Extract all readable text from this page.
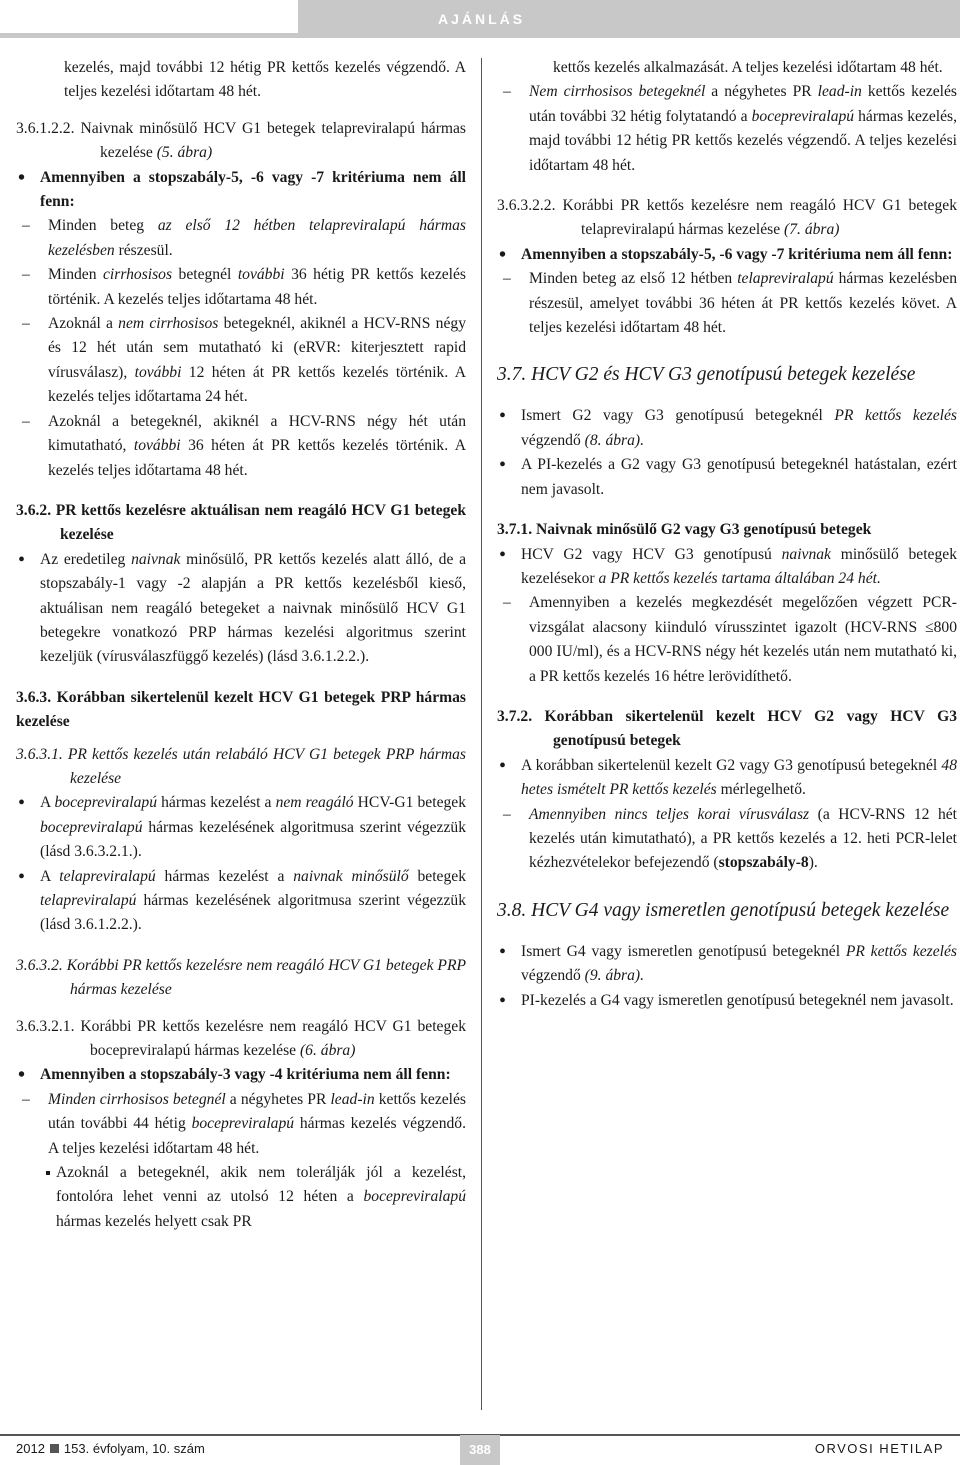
AJÁNLÁS

kezelés, majd további 12 hétig PR kettős kezelés végzendő. A teljes kezelési időtartam 48 hét.

3.6.1.2.2. Naivnak minősülő HCV G1 betegek telapreviralapú hármas kezelése (5. ábra)

• Amennyiben a stopszabály-5, -6 vagy -7 kritériuma nem áll fenn:

– Minden beteg az első 12 hétben telapreviralapú hármas kezelésben részesül.

– Minden cirrhosisos betegnél további 36 hétig PR kettős kezelés történik. A kezelés teljes időtartama 48 hét.

– Azoknál a nem cirrhosisos betegeknél, akiknél a HCV-RNS négy és 12 hét után sem mutatható ki (eRVR: kiterjesztett rapid vírusválasz), további 12 héten át PR kettős kezelés történik. A kezelés teljes időtartama 24 hét.

– Azoknál a betegeknél, akiknél a HCV-RNS négy hét után kimutatható, további 36 héten át PR kettős kezelés történik. A kezelés teljes időtartama 48 hét.

3.6.2. PR kettős kezelésre aktuálisan nem reagáló HCV G1 betegek kezelése

• Az eredetileg naivnak minősülő, PR kettős kezelés alatt álló, de a stopszabály-1 vagy -2 alapján a PR kettős kezelésből kieső, aktuálisan nem reagáló betegeket a naivnak minősülő HCV G1 betegekre vonatkozó PRP hármas kezelési algoritmus szerint kezeljük (vírusválaszfüggő kezelés) (lásd 3.6.1.2.2.).

3.6.3. Korábban sikertelenül kezelt HCV G1 betegek PRP hármas kezelése

3.6.3.1. PR kettős kezelés után relabáló HCV G1 betegek PRP hármas kezelése

• A bocepreviralapú hármas kezelést a nem reagáló HCV-G1 betegek bocepreviralapú hármas kezelésének algoritmusa szerint végezzük (lásd 3.6.3.2.1.).

• A telapreviralapú hármas kezelést a naivnak minősülő betegek telapreviralapú hármas kezelésének algoritmusa szerint végezzük (lásd 3.6.1.2.2.).

3.6.3.2. Korábbi PR kettős kezelésre nem reagáló HCV G1 betegek PRP hármas kezelése

3.6.3.2.1. Korábbi PR kettős kezelésre nem reagáló HCV G1 betegek bocepreviralapú hármas kezelése (6. ábra)

• Amennyiben a stopszabály-3 vagy -4 kritériuma nem áll fenn:

– Minden cirrhosisos betegnél a négyhetes PR lead-in kettős kezelés után további 44 hétig bocepreviralapú hármas kezelés végzendő. A teljes kezelési időtartam 48 hét.

Azoknál a betegeknél, akik nem tolerálják jól a kezelést, fontolóra lehet venni az utolsó 12 héten a bocepreviralapú hármas kezelés helyett csak PR

kettős kezelés alkalmazását. A teljes kezelési időtartam 48 hét.

– Nem cirrhosisos betegeknél a négyhetes PR lead-in kettős kezelés után további 32 hétig folytatandó a bocepreviralapú hármas kezelés, majd további 12 hétig PR kettős kezelés végzendő. A teljes kezelési időtartam 48 hét.

3.6.3.2.2. Korábbi PR kettős kezelésre nem reagáló HCV G1 betegek telapreviralapú hármas kezelése (7. ábra)

• Amennyiben a stopszabály-5, -6 vagy -7 kritériuma nem áll fenn:

– Minden beteg az első 12 hétben telapreviralapú hármas kezelésben részesül, amelyet további 36 héten át PR kettős kezelés követ. A teljes kezelési időtartam 48 hét.

3.7. HCV G2 és HCV G3 genotípusú betegek kezelése

• Ismert G2 vagy G3 genotípusú betegeknél PR kettős kezelés végzendő (8. ábra).

• A PI-kezelés a G2 vagy G3 genotípusú betegeknél hatástalan, ezért nem javasolt.

3.7.1. Naivnak minősülő G2 vagy G3 genotípusú betegek

• HCV G2 vagy HCV G3 genotípusú naivnak minősülő betegek kezelésekor a PR kettős kezelés tartama általában 24 hét.

– Amennyiben a kezelés megkezdését megelőzően végzett PCR-vizsgálat alacsony kiinduló vírusszintet igazolt (HCV-RNS ≤800 000 IU/ml), és a HCV-RNS négy hét kezelés után nem mutatható ki, a PR kettős kezelés 16 hétre lerövidíthető.

3.7.2. Korábban sikertelenül kezelt HCV G2 vagy HCV G3 genotípusú betegek

• A korábban sikertelenül kezelt G2 vagy G3 genotípusú betegeknél 48 hetes ismételt PR kettős kezelés mérlegelhető.

– Amennyiben nincs teljes korai vírusválasz (a HCV-RNS 12 hét kezelés után kimutatható), a PR kettős kezelés a 12. heti PCR-lelet kézhezvételekor befejezendő (stopszabály-8).

3.8. HCV G4 vagy ismeretlen genotípusú betegek kezelése

• Ismert G4 vagy ismeretlen genotípusú betegeknél PR kettős kezelés végzendő (9. ábra).

• PI-kezelés a G4 vagy ismeretlen genotípusú betegeknél nem javasolt.

2012 153. évfolyam, 10. szám	388	ORVOSI HETILAP
